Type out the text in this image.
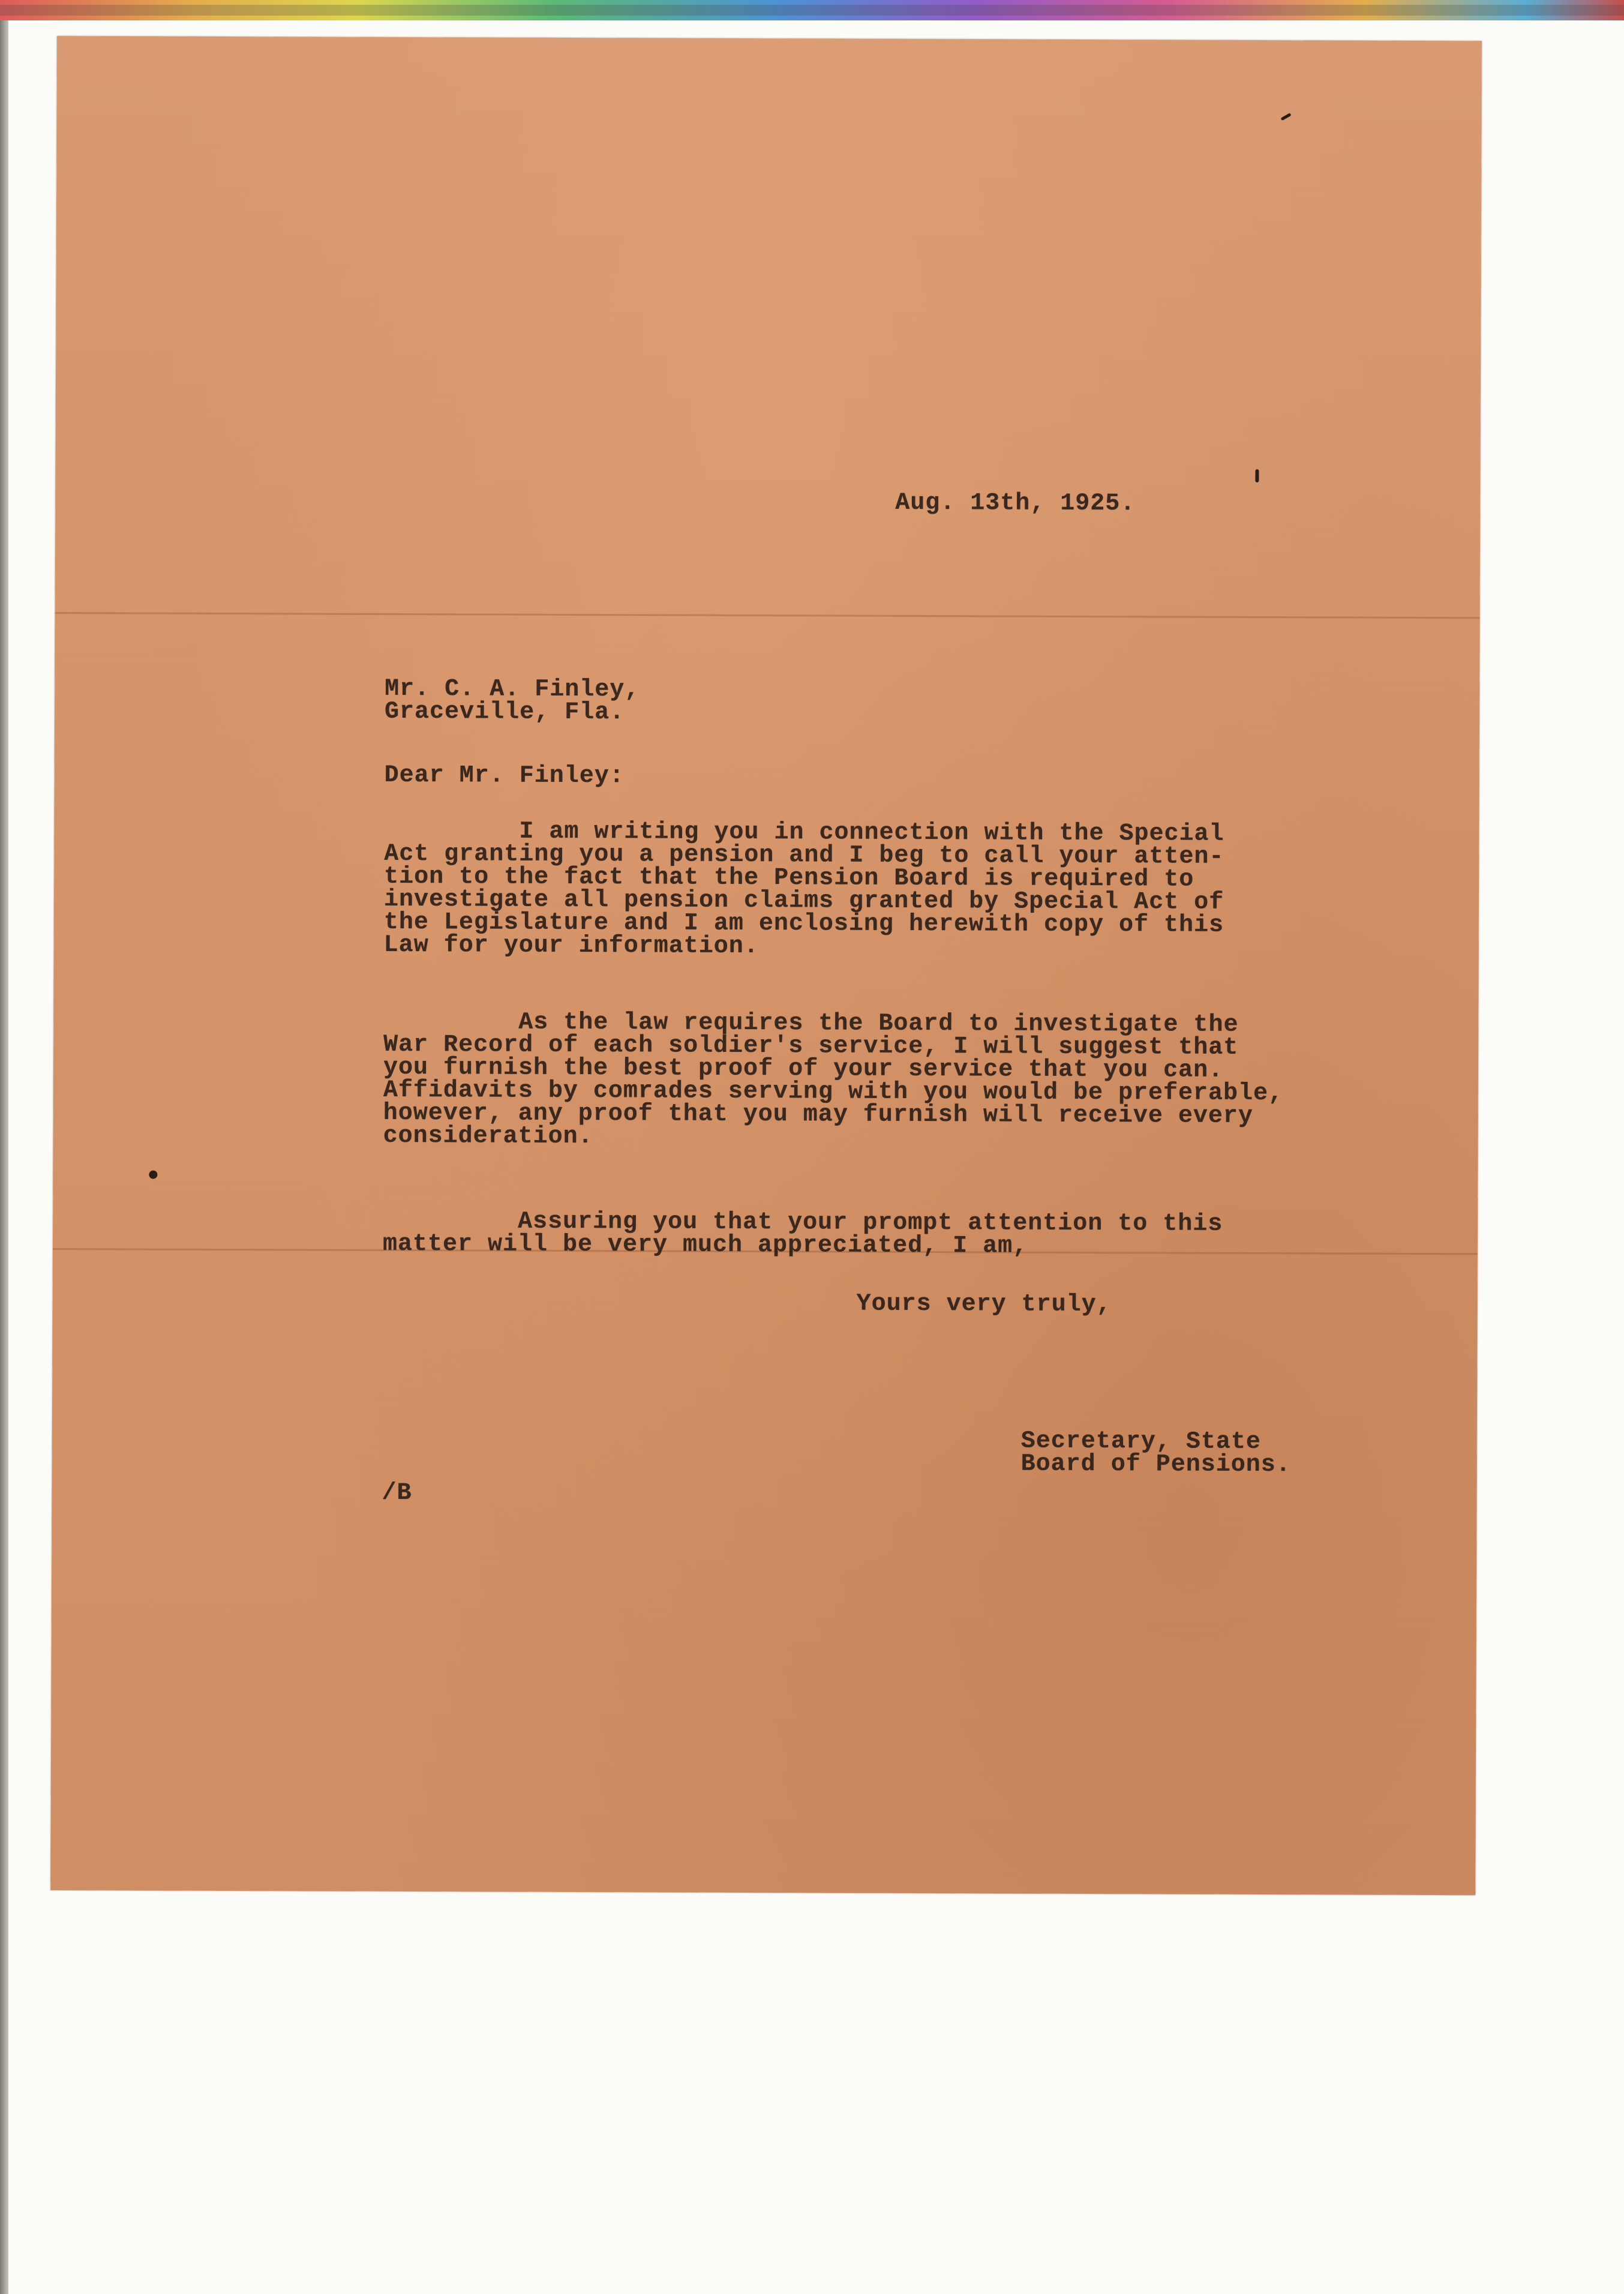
Aug. 13th, 1925.
Mr. C. A. Finley,
Graceville, Fla.
Dear Mr. Finley:
I am writing you in connection with the Special
Act granting you a pension and I beg to call your atten-
tion to the fact that the Pension Board is required to
investigate all pension claims granted by Special Act of
the Legislature and I am enclosing herewith copy of this
Law for your information.
As the law requires the Board to investigate the
War Record of each soldier's service, I will suggest that
you furnish the best proof of your service that you can.
Affidavits by comrades serving with you would be preferable,
however, any proof that you may furnish will receive every
consideration.
Assuring you that your prompt attention to this
matter will be very much appreciated, I am,
Yours very truly,
Secretary, State
Board of Pensions.
/B
